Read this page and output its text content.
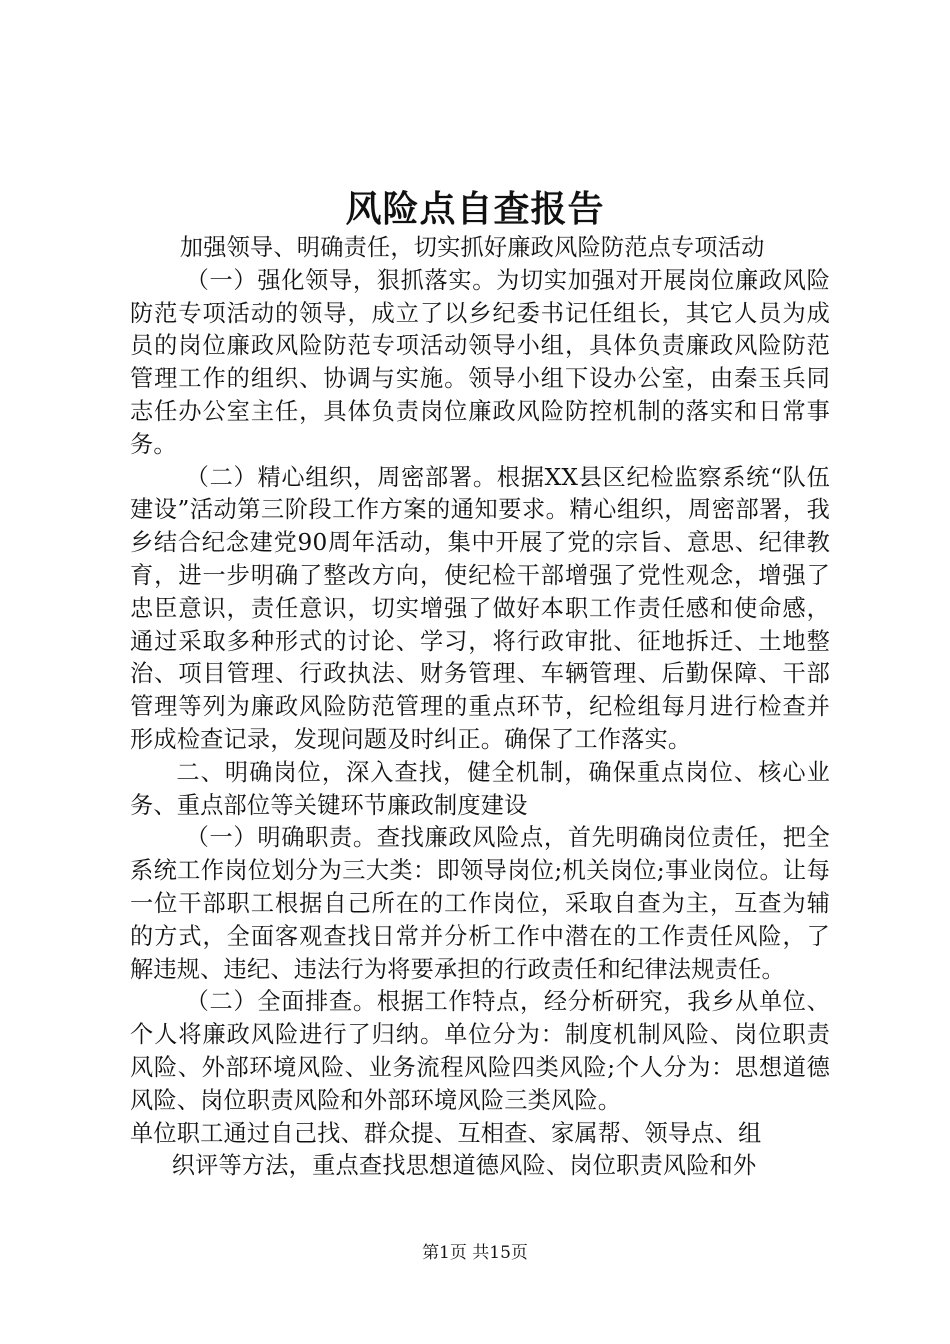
风险点自查报告

加强领导、明确责任，切实抓好廉政风险防范点专项活动

（一）强化领导，狠抓落实。为切实加强对开展岗位廉政风险防范专项活动的领导，成立了以乡纪委书记任组长，其它人员为成员的岗位廉政风险防范专项活动领导小组，具体负责廉政风险防范管理工作的组织、协调与实施。领导小组下设办公室，由秦玉兵同志任办公室主任，具体负责岗位廉政风险防控机制的落实和日常事务。

（二）精心组织，周密部署。根据XX县区纪检监察系统“队伍建设”活动第三阶段工作方案的通知要求。精心组织，周密部署，我乡结合纪念建党90周年活动，集中开展了党的宗旨、意思、纪律教育，进一步明确了整改方向，使纪检干部增强了党性观念，增强了忠臣意识，责任意识，切实增强了做好本职工作责任感和使命感，通过采取多种形式的讨论、学习，将行政审批、征地拆迁、土地整治、项目管理、行政执法、财务管理、车辆管理、后勤保障、干部管理等列为廉政风险防范管理的重点环节，纪检组每月进行检查并形成检查记录，发现问题及时纠正。确保了工作落实。

二、明确岗位，深入查找，健全机制，确保重点岗位、核心业务、重点部位等关键环节廉政制度建设

（一）明确职责。查找廉政风险点，首先明确岗位责任，把全系统工作岗位划分为三大类：即领导岗位;机关岗位;事业岗位。让每一位干部职工根据自己所在的工作岗位，采取自查为主，互查为辅的方式，全面客观查找日常并分析工作中潜在的工作责任风险，了解违规、违纪、违法行为将要承担的行政责任和纪律法规责任。

（二）全面排查。根据工作特点，经分析研究，我乡从单位、个人将廉政风险进行了归纳。单位分为：制度机制风险、岗位职责风险、外部环境风险、业务流程风险四类风险;个人分为：思想道德风险、岗位职责风险和外部环境风险三类风险。

单位职工通过自己找、群众提、互相查、家属帮、领导点、组

织评等方法，重点查找思想道德风险、岗位职责风险和外

第1页 共15页
